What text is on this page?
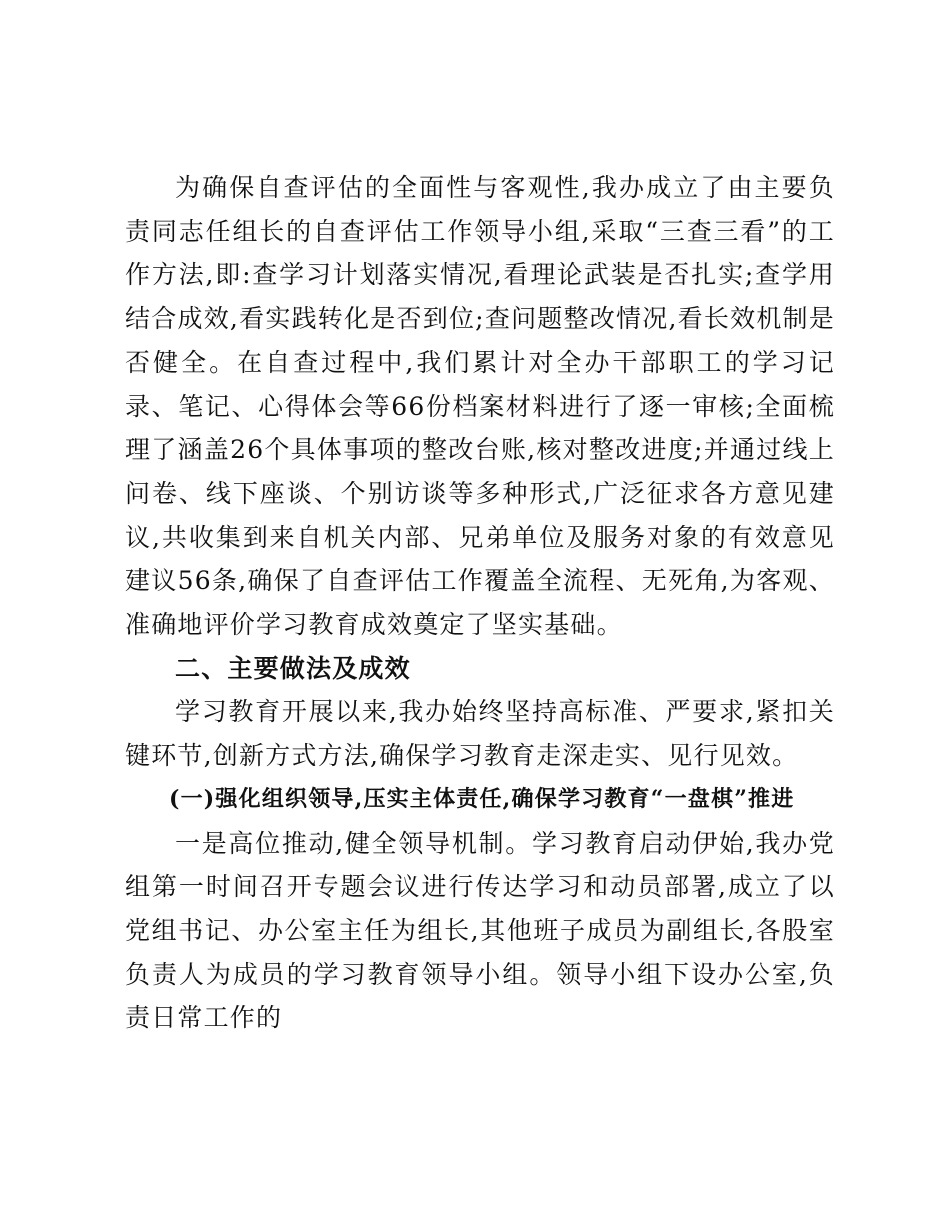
为确保自查评估的全面性与客观性,我办成立了由主要负责同志任组长的自查评估工作领导小组,采取“三查三看”的工作方法,即:查学习计划落实情况,看理论武装是否扎实;查学用结合成效,看实践转化是否到位;查问题整改情况,看长效机制是否健全。在自查过程中,我们累计对全办干部职工的学习记录、笔记、心得体会等66份档案材料进行了逐一审核;全面梳理了涵盖26个具体事项的整改台账,核对整改进度;并通过线上问卷、线下座谈、个别访谈等多种形式,广泛征求各方意见建议,共收集到来自机关内部、兄弟单位及服务对象的有效意见建议56条,确保了自查评估工作覆盖全流程、无死角,为客观、准确地评价学习教育成效奠定了坚实基础。

二、主要做法及成效

学习教育开展以来,我办始终坚持高标准、严要求,紧扣关键环节,创新方式方法,确保学习教育走深走实、见行见效。

(一)强化组织领导,压实主体责任,确保学习教育“一盘棋”推进

一是高位推动,健全领导机制。学习教育启动伊始,我办党组第一时间召开专题会议进行传达学习和动员部署,成立了以党组书记、办公室主任为组长,其他班子成员为副组长,各股室负责人为成员的学习教育领导小组。领导小组下设办公室,负责日常工作的
